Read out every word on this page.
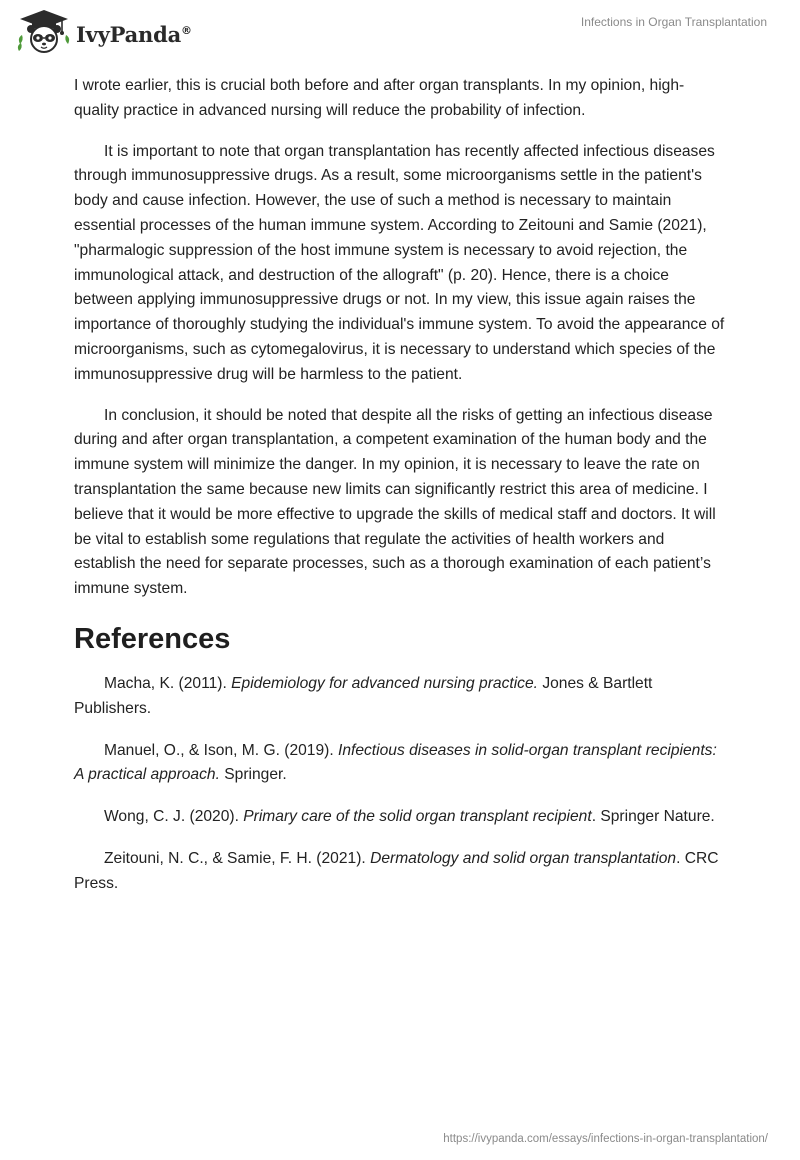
IvyPanda®
Infections in Organ Transplantation

I wrote earlier, this is crucial both before and after organ transplants. In my opinion, high-quality practice in advanced nursing will reduce the probability of infection.

It is important to note that organ transplantation has recently affected infectious diseases through immunosuppressive drugs. As a result, some microorganisms settle in the patient's body and cause infection. However, the use of such a method is necessary to maintain essential processes of the human immune system. According to Zeitouni and Samie (2021), "pharmalogic suppression of the host immune system is necessary to avoid rejection, the immunological attack, and destruction of the allograft" (p. 20). Hence, there is a choice between applying immunosuppressive drugs or not. In my view, this issue again raises the importance of thoroughly studying the individual's immune system. To avoid the appearance of microorganisms, such as cytomegalovirus, it is necessary to understand which species of the immunosuppressive drug will be harmless to the patient.

In conclusion, it should be noted that despite all the risks of getting an infectious disease during and after organ transplantation, a competent examination of the human body and the immune system will minimize the danger. In my opinion, it is necessary to leave the rate on transplantation the same because new limits can significantly restrict this area of medicine. I believe that it would be more effective to upgrade the skills of medical staff and doctors. It will be vital to establish some regulations that regulate the activities of health workers and establish the need for separate processes, such as a thorough examination of each patient’s immune system.

References

Macha, K. (2011). Epidemiology for advanced nursing practice. Jones & Bartlett Publishers.

Manuel, O., & Ison, M. G. (2019). Infectious diseases in solid-organ transplant recipients: A practical approach. Springer.

Wong, C. J. (2020). Primary care of the solid organ transplant recipient. Springer Nature.

Zeitouni, N. C., & Samie, F. H. (2021). Dermatology and solid organ transplantation. CRC Press.

https://ivypanda.com/essays/infections-in-organ-transplantation/
